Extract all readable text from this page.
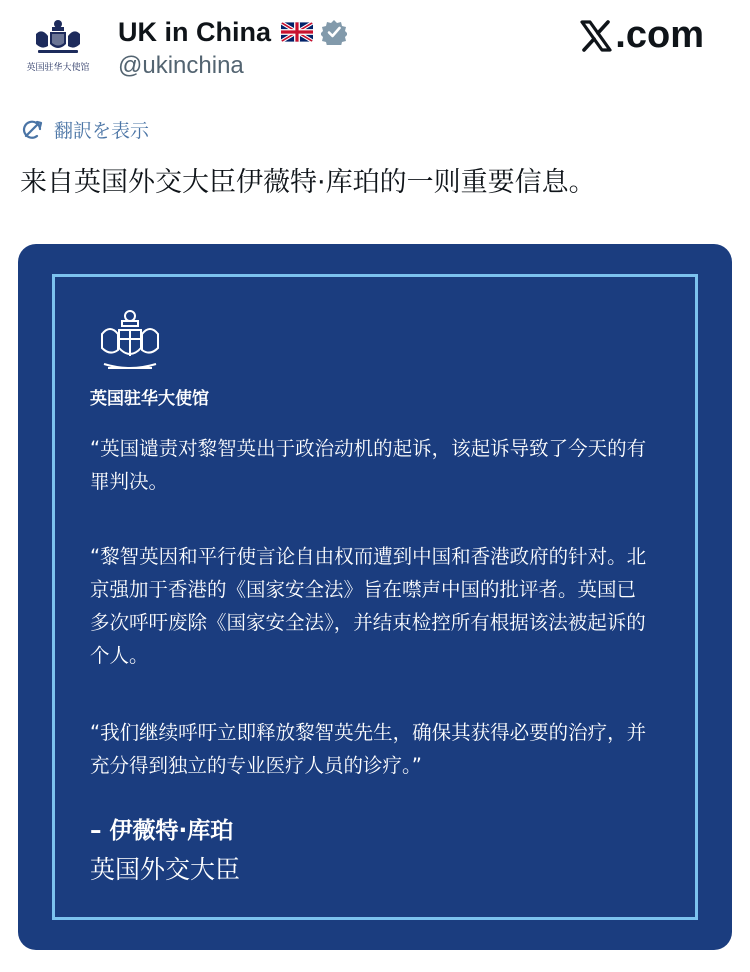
英国驻华大使馆
UK in China
@ukinchina
.com
翻訳を表示
来自英国外交大臣伊薇特·库珀的一则重要信息。
英国驻华大使馆
“英国谴责对黎智英出于政治动机的起诉，该起诉导致了今天的有罪判决。
“黎智英因和平行使言论自由权而遭到中国和香港政府的针对。北京强加于香港的《国家安全法》旨在噤声中国的批评者。英国已多次呼吁废除《国家安全法》，并结束检控所有根据该法被起诉的个人。
“我们继续呼吁立即释放黎智英先生，确保其获得必要的治疗，并充分得到独立的专业医疗人员的诊疗。”
– 伊薇特·库珀
英国外交大臣
